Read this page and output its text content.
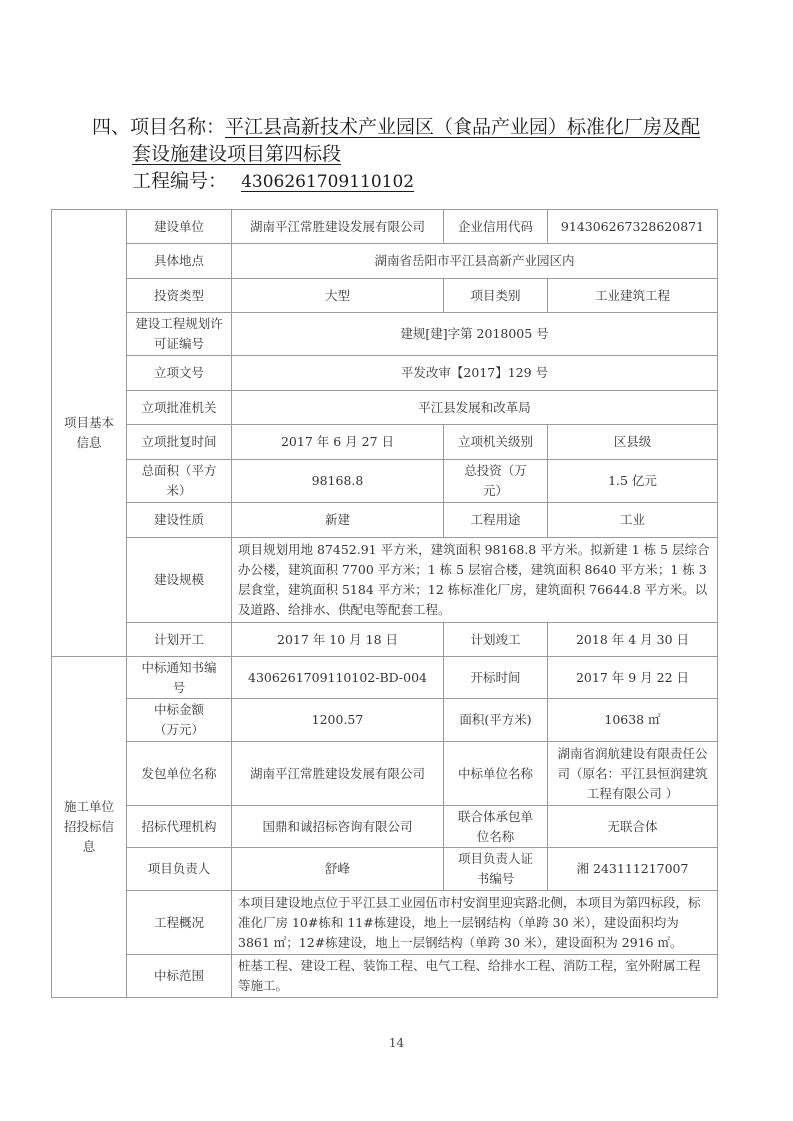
四、项目名称：平江县高新技术产业园区（食品产业园）标准化厂房及配
套设施建设项目第四标段
工程编号： 4306261709110102
项目基本信息	建设单位	湖南平江常胜建设发展有限公司	企业信用代码	914306267328620871
	具体地点	湖南省岳阳市平江县高新产业园区内		
	投资类型	大型	项目类别	工业建筑工程
	建设工程规划许可证编号	建规[建]字第 2018005 号		
	立项文号	平发改审【2017】129 号		
	立项批准机关	平江县发展和改革局		
	立项批复时间	2017 年 6 月 27 日	立项机关级别	区县级
	总面积（平方米）	98168.8	总投资（万元）	1.5 亿元
	建设性质	新建	工程用途	工业
	建设规模	项目规划用地 87452.91 平方米，建筑面积 98168.8 平方米。拟新建 1 栋 5 层综合办公楼，建筑面积 7700 平方米；1 栋 5 层宿合楼，建筑面积 8640 平方米；1 栋 3 层食堂，建筑面积 5184 平方米；12 栋标准化厂房，建筑面积 76644.8 平方米。以及道路、给排水、供配电等配套工程。		
	计划开工	2017 年 10 月 18 日	计划竣工	2018 年 4 月 30 日

施工单位招投标信息	中标通知书编号	4306261709110102-BD-004	开标时间	2017 年 9 月 22 日
	中标金额（万元）	1200.57	面积(平方米)	10638 ㎡
	发包单位名称	湖南平江常胜建设发展有限公司	中标单位名称	湖南省润航建设有限责任公司（原名：平江县恒润建筑工程有限公司 ）
	招标代理机构	国鼎和诚招标咨询有限公司	联合体承包单位名称	无联合体
	项目负责人	舒峰	项目负责人证书编号	湘 243111217007
	工程概况	本项目建设地点位于平江县工业园伍市村安润里迎宾路北侧，本项目为第四标段，标准化厂房 10#栋和 11#栋建设，地上一层钢结构（单跨 30 米），建设面积均为 3861 ㎡；12#栋建设，地上一层钢结构（单跨 30 米），建设面积为 2916 ㎡。		
	中标范围	桩基工程、建设工程、装饰工程、电气工程、给排水工程、消防工程，室外附属工程等施工。		
14
